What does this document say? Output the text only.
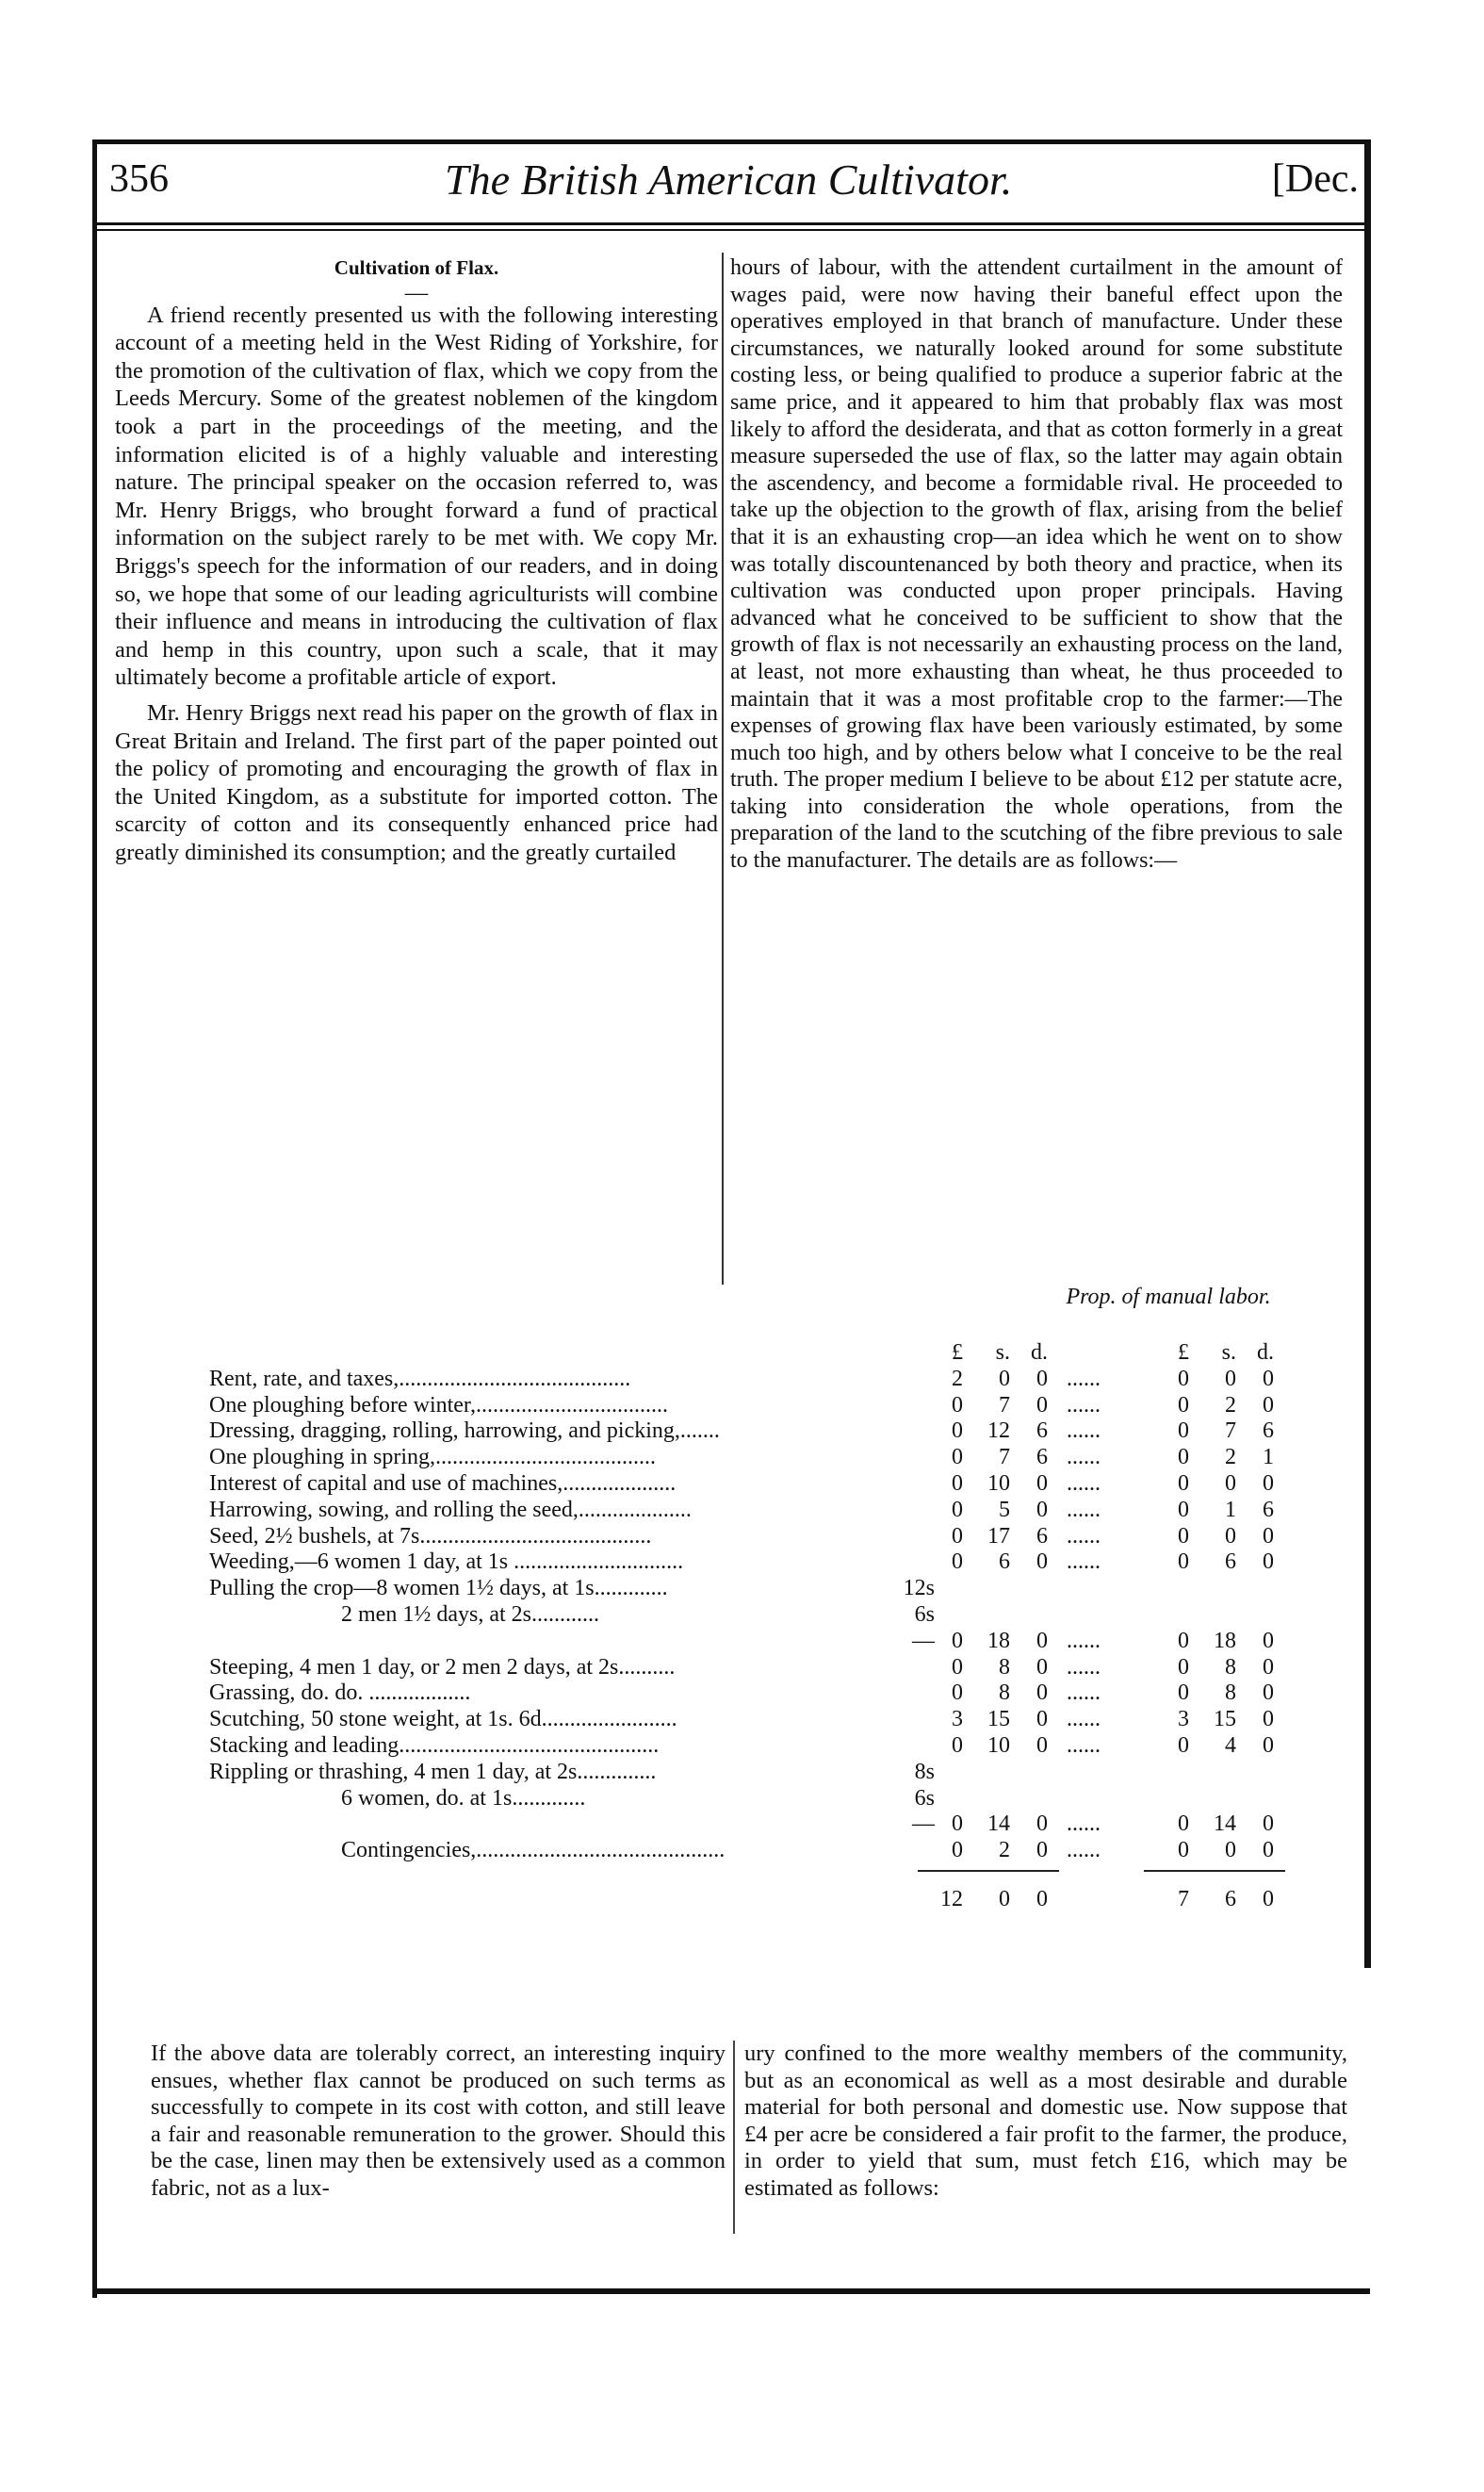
356	The British American Cultivator.	[Dec.

Cultivation of Flax.

—

A friend recently presented us with the following interesting account of a meeting held in the West Riding of Yorkshire, for the promotion of the cultivation of flax, which we copy from the Leeds Mercury. Some of the greatest noblemen of the kingdom took a part in the proceedings of the meeting, and the information elicited is of a highly valuable and interesting nature. The principal speaker on the occasion referred to, was Mr. Henry Briggs, who brought forward a fund of practical information on the subject rarely to be met with. We copy Mr. Briggs's speech for the information of our readers, and in doing so, we hope that some of our leading agriculturists will combine their influence and means in introducing the cultivation of flax and hemp in this country, upon such a scale, that it may ultimately become a profitable article of export.

Mr. Henry Briggs next read his paper on the growth of flax in Great Britain and Ireland. The first part of the paper pointed out the policy of promoting and encouraging the growth of flax in the United Kingdom, as a substitute for imported cotton. The scarcity of cotton and its consequently enhanced price had greatly diminished its consumption; and the greatly curtailed

hours of labour, with the attendent curtailment in the amount of wages paid, were now having their baneful effect upon the operatives employed in that branch of manufacture. Under these circumstances, we naturally looked around for some substitute costing less, or being qualified to produce a superior fabric at the same price, and it appeared to him that probably flax was most likely to afford the desiderata, and that as cotton formerly in a great measure superseded the use of flax, so the latter may again obtain the ascendency, and become a formidable rival. He proceeded to take up the objection to the growth of flax, arising from the belief that it is an exhausting crop—an idea which he went on to show was totally discountenanced by both theory and practice, when its cultivation was conducted upon proper principals. Having advanced what he conceived to be sufficient to show that the growth of flax is not necessarily an exhausting process on the land, at least, not more exhausting than wheat, he thus proceeded to maintain that it was a most profitable crop to the farmer:—The expenses of growing flax have been variously estimated, by some much too high, and by others below what I conceive to be the real truth. The proper medium I believe to be about £12 per statute acre, taking into consideration the whole operations, from the preparation of the land to the scutching of the fibre previous to sale to the manufacturer. The details are as follows:—

Prop. of manual labor.
£	s. d.	£	s. d.
Rent, rate, and taxes,.........................................	2	0	0 ......	0	0	0
One ploughing before winter,..................................	0	7	0 ......	0	2	0
Dressing, dragging, rolling, harrowing, and picking,.......	0	12	6 ......	0	7	6
One ploughing in spring,.......................................	0	7	6 ......	0	2	1
Interest of capital and use of machines,....................	0	10	0 ......	0	0	0
Harrowing, sowing, and rolling the seed,....................	0	5	0 ......	0	1	6
Seed, 2½ bushels, at 7s.........................................	0	17	6 ......	0	0	0
Weeding,—6 women 1 day, at 1s ..............................	0	6	0 ......	0	6	0
Pulling the crop—8 women 1½ days, at 1s.............	12s
2 men 1½ days, at 2s............	6s
— 0	18	0 ......	0	18	0
Steeping, 4 men 1 day, or 2 men 2 days, at 2s..........	0	8	0 ......	0	8	0
Grassing, do. do. ..................	0	8	0 ......	0	8	0
Scutching, 50 stone weight, at 1s. 6d........................	3	15	0 ......	3	15	0
Stacking and leading..............................................	0	10	0 ......	0	4	0
Rippling or thrashing, 4 men 1 day, at 2s..............	8s
6 women, do. at 1s.............	6s
— 0	14	0 ......	0	14	0
Contingencies,............................................	0	2	0 ......	0	0	0
12	0	0	7	6	0
If the above data are tolerably correct, an interesting inquiry ensues, whether flax cannot be produced on such terms as successfully to compete in its cost with cotton, and still leave a fair and reasonable remuneration to the grower. Should this be the case, linen may then be extensively used as a common fabric, not as a lux-
ury confined to the more wealthy members of the community, but as an economical as well as a most desirable and durable material for both personal and domestic use. Now suppose that £4 per acre be considered a fair profit to the farmer, the produce, in order to yield that sum, must fetch £16, which may be estimated as follows:
